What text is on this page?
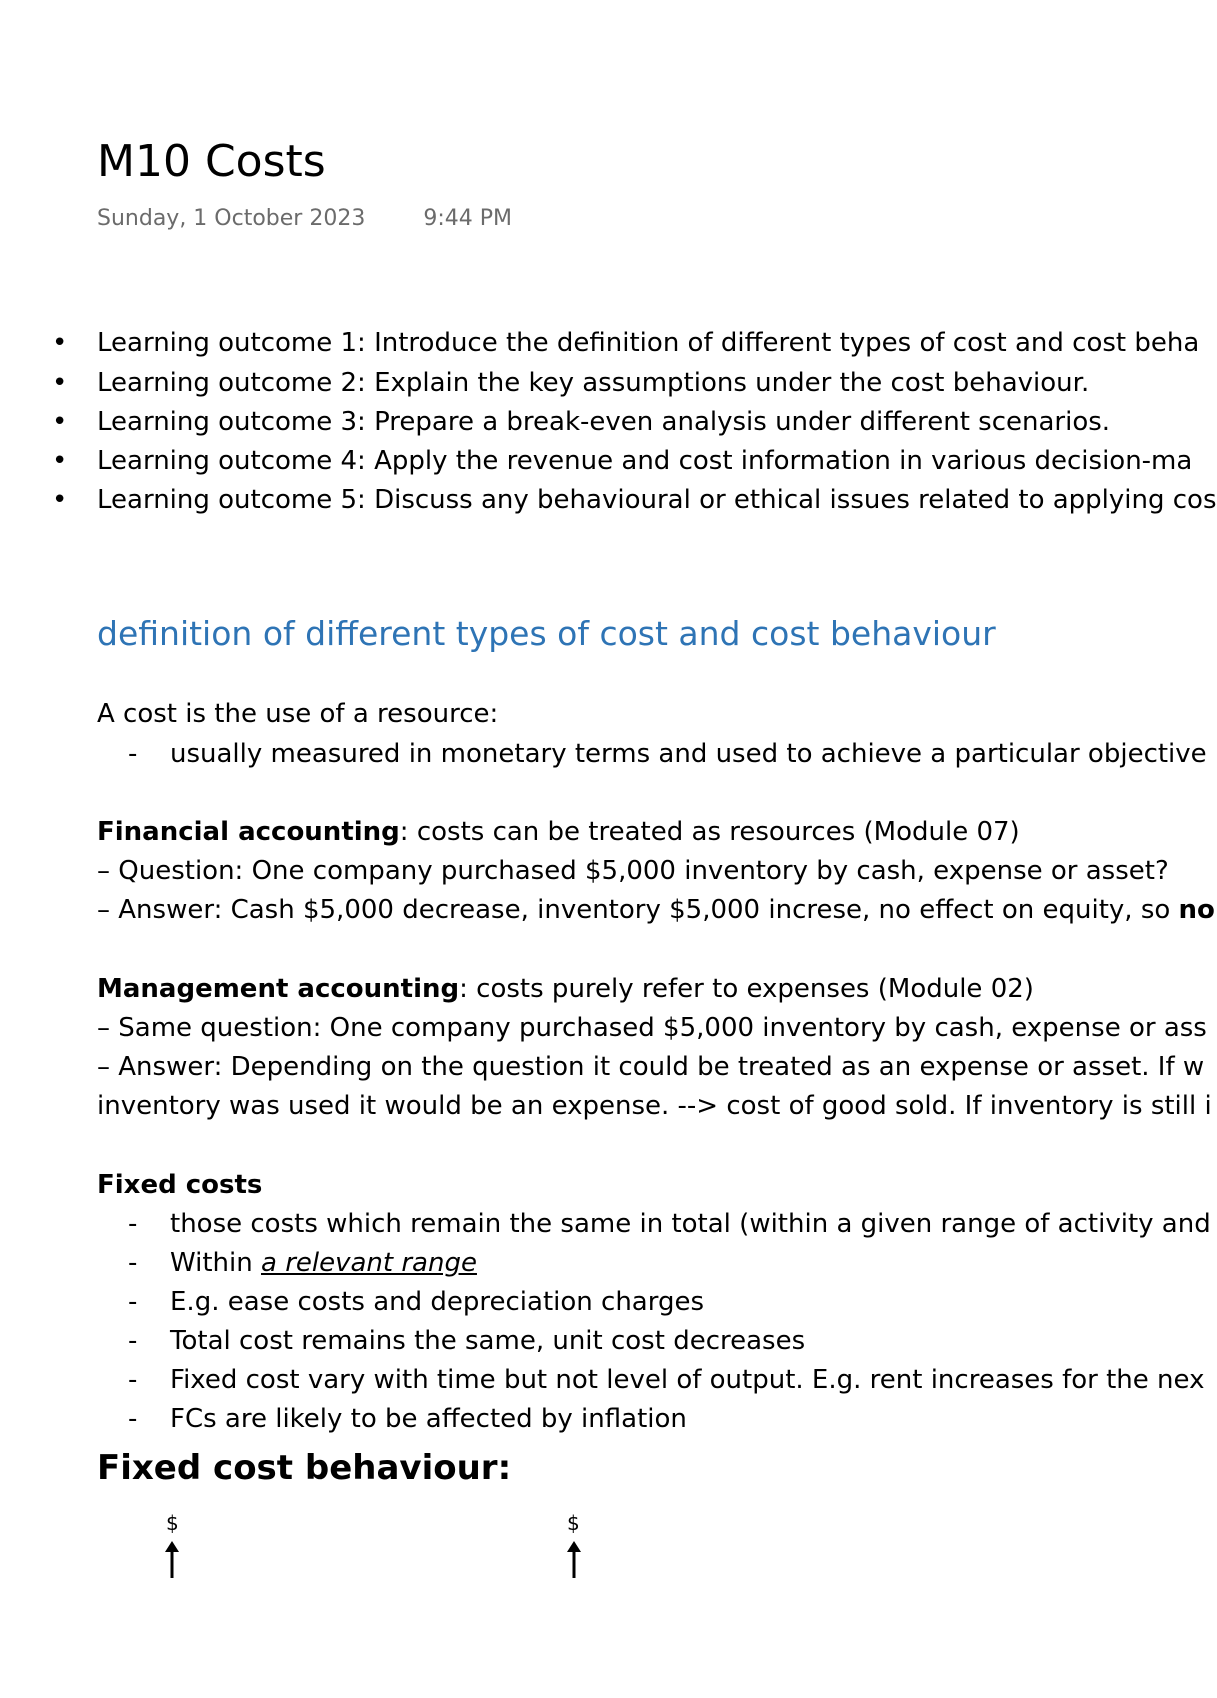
M10 Costs
Sunday, 1 October 2023	9:44 PM
• Learning outcome 1: Introduce the definition of different types of cost and cost beha
• Learning outcome 2: Explain the key assumptions under the cost behaviour.
• Learning outcome 3: Prepare a break-even analysis under different scenarios.
• Learning outcome 4: Apply the revenue and cost information in various decision-ma
• Learning outcome 5: Discuss any behavioural or ethical issues related to applying cos
definition of different types of cost and cost behaviour
A cost is the use of a resource:
- usually measured in monetary terms and used to achieve a particular objective
Financial accounting: costs can be treated as resources (Module 07)
– Question: One company purchased $5,000 inventory by cash, expense or asset?
– Answer: Cash $5,000 decrease, inventory $5,000 increse, no effect on equity, so no
Management accounting: costs purely refer to expenses (Module 02)
– Same question: One company purchased $5,000 inventory by cash, expense or ass
– Answer: Depending on the question it could be treated as an expense or asset. If w
inventory was used it would be an expense. --> cost of good sold. If inventory is still i
Fixed costs
- those costs which remain the same in total (within a given range of activity and
- Within a relevant range
- E.g. ease costs and depreciation charges
- Total cost remains the same, unit cost decreases
- Fixed cost vary with time but not level of output. E.g. rent increases for the nex
- FCs are likely to be affected by inflation
Fixed cost behaviour:
$	$
